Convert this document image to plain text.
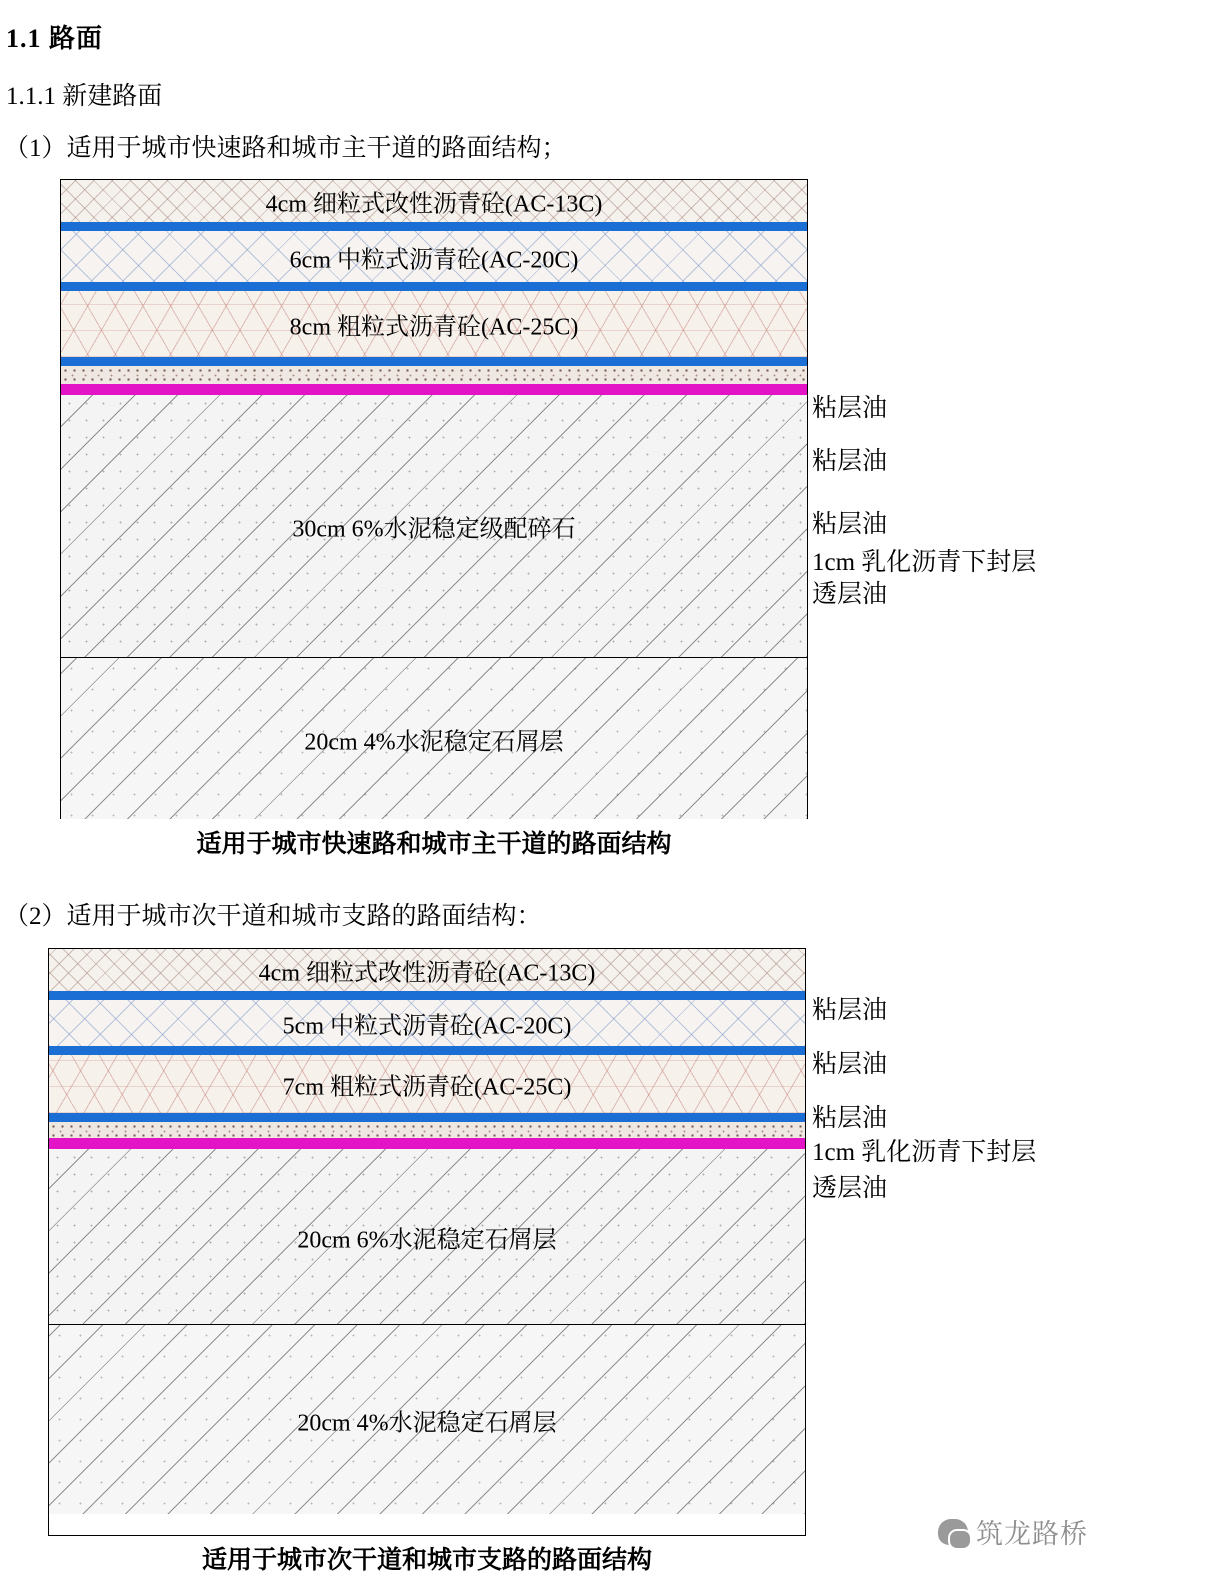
1.1 路面
1.1.1 新建路面
（1）适用于城市快速路和城市主干道的路面结构；
（2）适用于城市次干道和城市支路的路面结构：
4cm 细粒式改性沥青砼(AC-13C)
6cm 中粒式沥青砼(AC-20C)
8cm 粗粒式沥青砼(AC-25C)
30cm 6%水泥稳定级配碎石
20cm 4%水泥稳定石屑层
4cm 细粒式改性沥青砼(AC-13C)
5cm 中粒式沥青砼(AC-20C)
7cm 粗粒式沥青砼(AC-25C)
20cm 6%水泥稳定石屑层
20cm 4%水泥稳定石屑层
适用于城市快速路和城市主干道的路面结构
适用于城市次干道和城市支路的路面结构
粘层油
粘层油
粘层油
1cm 乳化沥青下封层
透层油
粘层油
粘层油
粘层油
1cm 乳化沥青下封层
透层油
筑龙路桥
